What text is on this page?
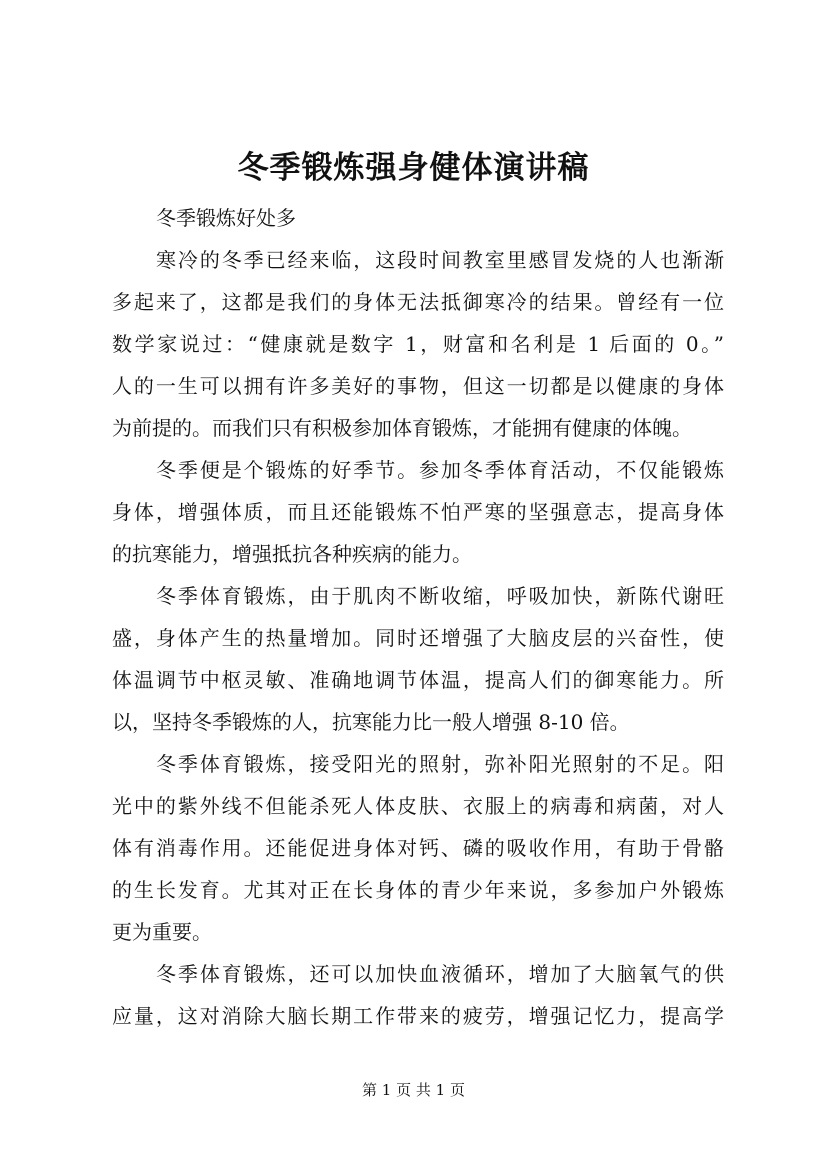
冬季锻炼强身健体演讲稿
冬季锻炼好处多
寒冷的冬季已经来临，这段时间教室里感冒发烧的人也渐渐
多起来了，这都是我们的身体无法抵御寒冷的结果。曾经有一位
数学家说过：“健康就是数字 1，财富和名利是 1 后面的 0。”
人的一生可以拥有许多美好的事物，但这一切都是以健康的身体
为前提的。而我们只有积极参加体育锻炼，才能拥有健康的体魄。
冬季便是个锻炼的好季节。参加冬季体育活动，不仅能锻炼
身体，增强体质，而且还能锻炼不怕严寒的坚强意志，提高身体
的抗寒能力，增强抵抗各种疾病的能力。
冬季体育锻炼，由于肌肉不断收缩，呼吸加快，新陈代谢旺
盛，身体产生的热量增加。同时还增强了大脑皮层的兴奋性，使
体温调节中枢灵敏、准确地调节体温，提高人们的御寒能力。所
以，坚持冬季锻炼的人，抗寒能力比一般人增强 8-10 倍。
冬季体育锻炼，接受阳光的照射，弥补阳光照射的不足。阳
光中的紫外线不但能杀死人体皮肤、衣服上的病毒和病菌，对人
体有消毒作用。还能促进身体对钙、磷的吸收作用，有助于骨骼
的生长发育。尤其对正在长身体的青少年来说，多参加户外锻炼
更为重要。
冬季体育锻炼，还可以加快血液循环，增加了大脑氧气的供
应量，这对消除大脑长期工作带来的疲劳，增强记忆力，提高学
第 1 页 共 1 页
